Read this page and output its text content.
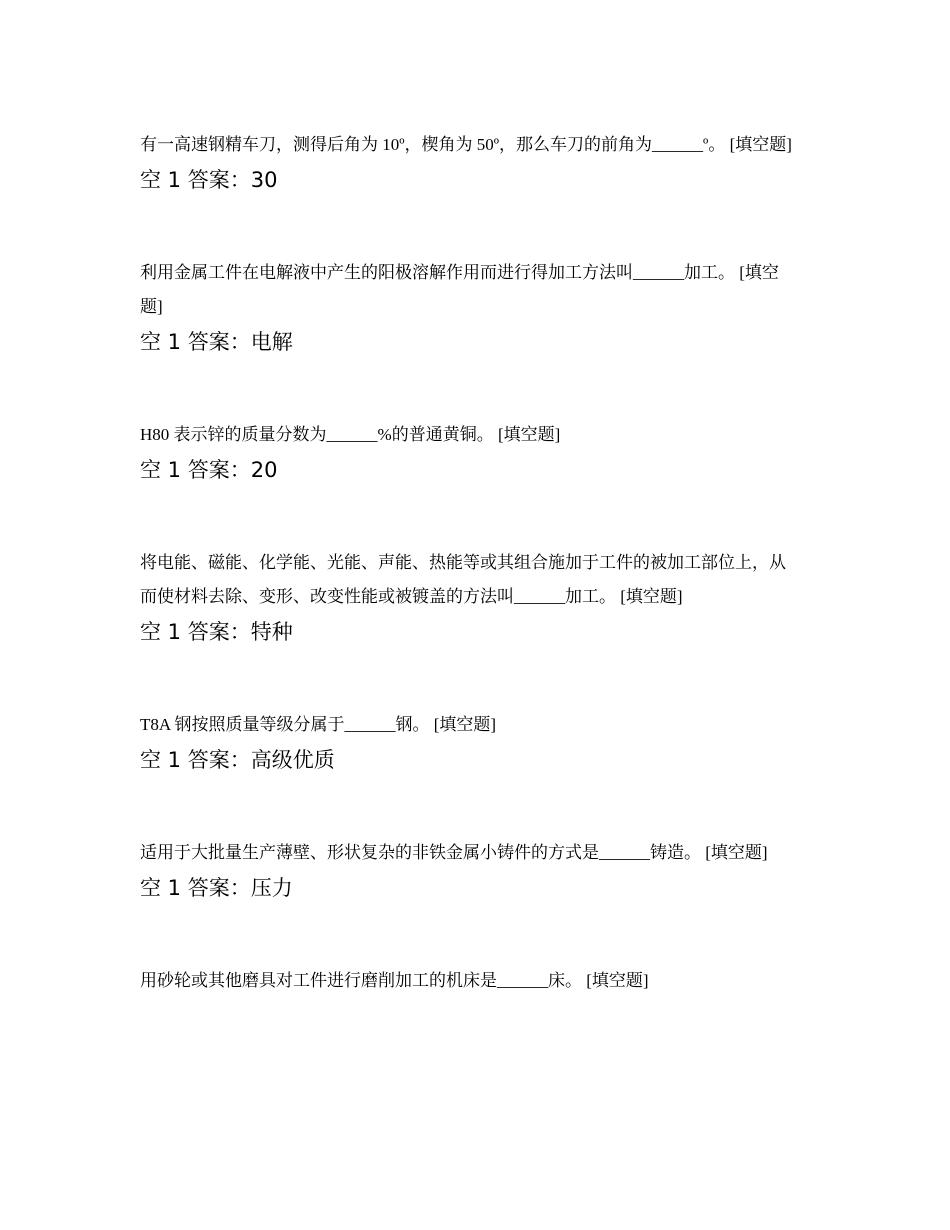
有一高速钢精车刀，测得后角为 10º，楔角为 50º，那么车刀的前角为______º。 [填空题]

空 1 答案：30

利用金属工件在电解液中产生的阳极溶解作用而进行得加工方法叫______加工。 [填空题]

空 1 答案：电解

H80 表示锌的质量分数为______%的普通黄铜。 [填空题]

空 1 答案：20

将电能、磁能、化学能、光能、声能、热能等或其组合施加于工件的被加工部位上，从而使材料去除、变形、改变性能或被镀盖的方法叫______加工。 [填空题]

空 1 答案：特种

T8A 钢按照质量等级分属于______钢。 [填空题]

空 1 答案：高级优质

适用于大批量生产薄壁、形状复杂的非铁金属小铸件的方式是______铸造。 [填空题]

空 1 答案：压力

用砂轮或其他磨具对工件进行磨削加工的机床是______床。 [填空题]
